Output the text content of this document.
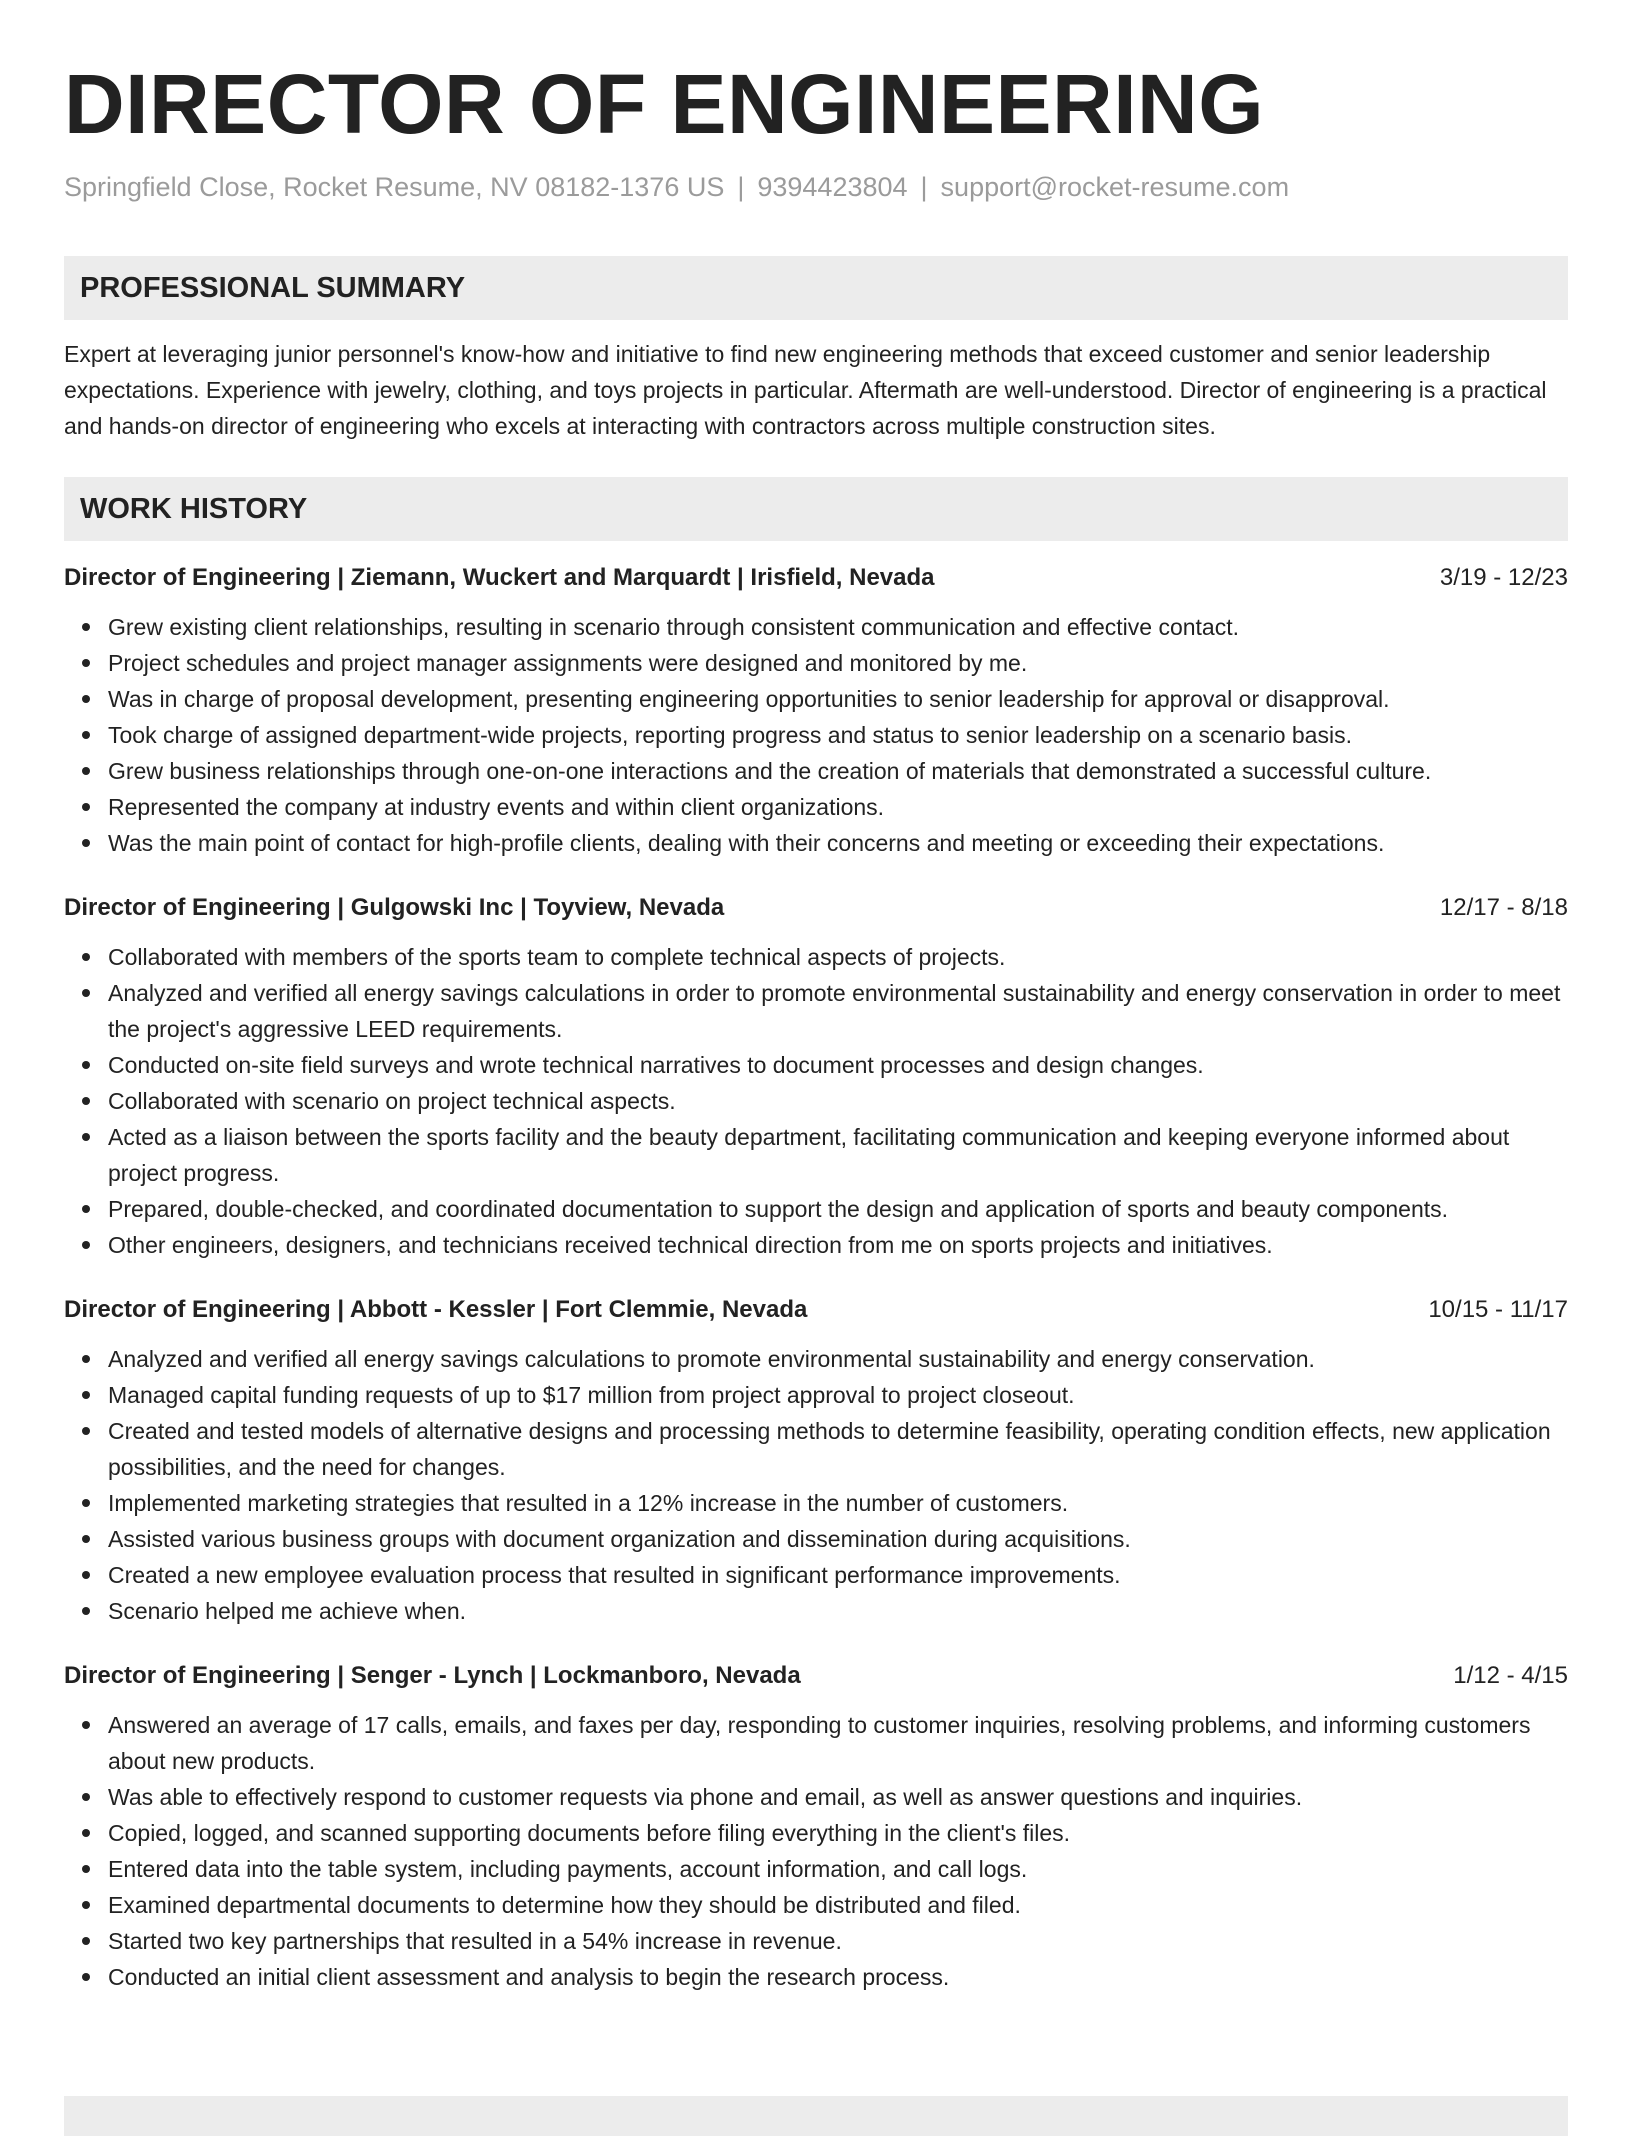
DIRECTOR OF ENGINEERING
Springfield Close, Rocket Resume, NV 08182-1376 US | 9394423804 | support@rocket-resume.com
PROFESSIONAL SUMMARY
Expert at leveraging junior personnel's know-how and initiative to find new engineering methods that exceed customer and senior leadership expectations. Experience with jewelry, clothing, and toys projects in particular. Aftermath are well-understood. Director of engineering is a practical and hands-on director of engineering who excels at interacting with contractors across multiple construction sites.
WORK HISTORY
Director of Engineering | Ziemann, Wuckert and Marquardt | Irisfield, Nevada	3/19 - 12/23
Grew existing client relationships, resulting in scenario through consistent communication and effective contact.
Project schedules and project manager assignments were designed and monitored by me.
Was in charge of proposal development, presenting engineering opportunities to senior leadership for approval or disapproval.
Took charge of assigned department-wide projects, reporting progress and status to senior leadership on a scenario basis.
Grew business relationships through one-on-one interactions and the creation of materials that demonstrated a successful culture.
Represented the company at industry events and within client organizations.
Was the main point of contact for high-profile clients, dealing with their concerns and meeting or exceeding their expectations.
Director of Engineering | Gulgowski Inc | Toyview, Nevada	12/17 - 8/18
Collaborated with members of the sports team to complete technical aspects of projects.
Analyzed and verified all energy savings calculations in order to promote environmental sustainability and energy conservation in order to meet the project's aggressive LEED requirements.
Conducted on-site field surveys and wrote technical narratives to document processes and design changes.
Collaborated with scenario on project technical aspects.
Acted as a liaison between the sports facility and the beauty department, facilitating communication and keeping everyone informed about project progress.
Prepared, double-checked, and coordinated documentation to support the design and application of sports and beauty components.
Other engineers, designers, and technicians received technical direction from me on sports projects and initiatives.
Director of Engineering | Abbott - Kessler | Fort Clemmie, Nevada	10/15 - 11/17
Analyzed and verified all energy savings calculations to promote environmental sustainability and energy conservation.
Managed capital funding requests of up to $17 million from project approval to project closeout.
Created and tested models of alternative designs and processing methods to determine feasibility, operating condition effects, new application possibilities, and the need for changes.
Implemented marketing strategies that resulted in a 12% increase in the number of customers.
Assisted various business groups with document organization and dissemination during acquisitions.
Created a new employee evaluation process that resulted in significant performance improvements.
Scenario helped me achieve when.
Director of Engineering | Senger - Lynch | Lockmanboro, Nevada	1/12 - 4/15
Answered an average of 17 calls, emails, and faxes per day, responding to customer inquiries, resolving problems, and informing customers about new products.
Was able to effectively respond to customer requests via phone and email, as well as answer questions and inquiries.
Copied, logged, and scanned supporting documents before filing everything in the client's files.
Entered data into the table system, including payments, account information, and call logs.
Examined departmental documents to determine how they should be distributed and filed.
Started two key partnerships that resulted in a 54% increase in revenue.
Conducted an initial client assessment and analysis to begin the research process.
